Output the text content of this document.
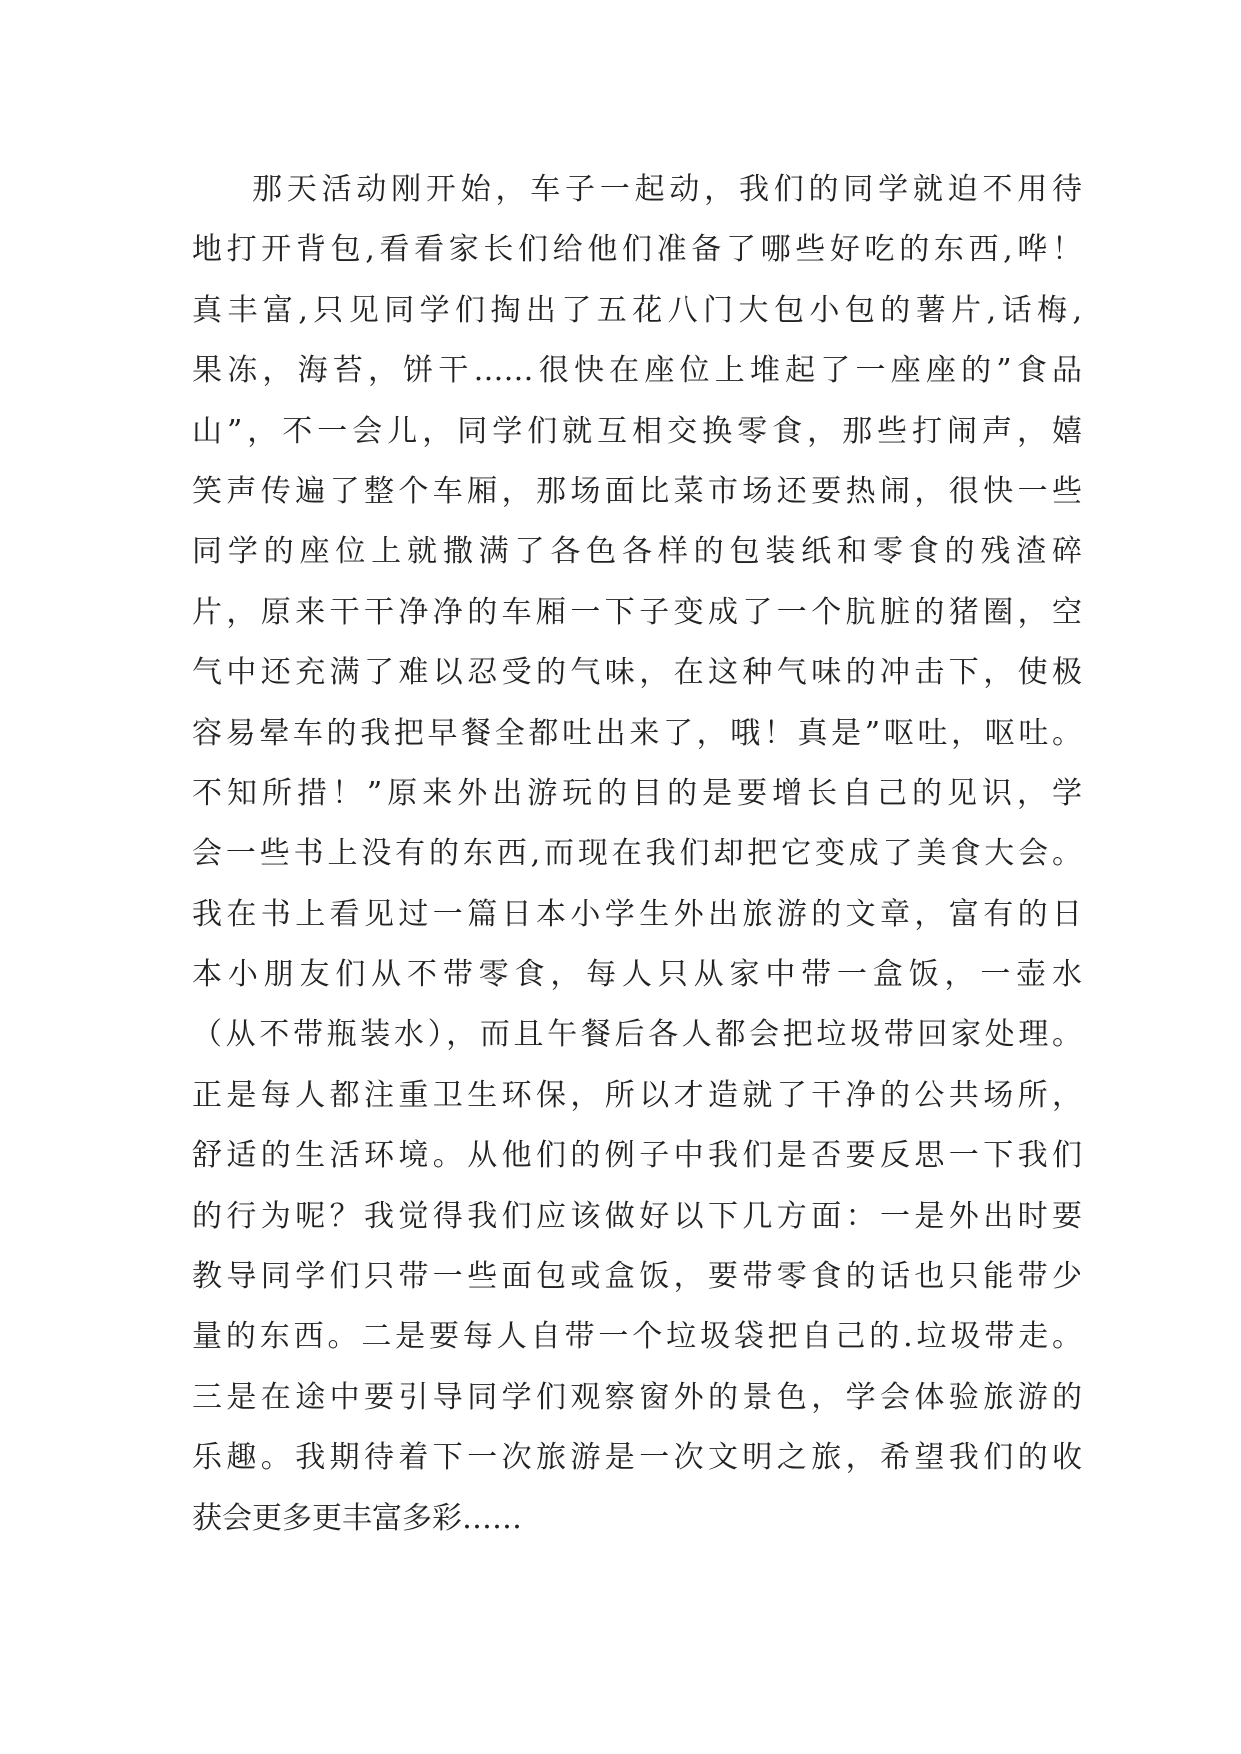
那天活动刚开始，车子一起动，我们的同学就迫不用待
地打开背包,看看家长们给他们准备了哪些好吃的东西,哗！
真丰富,只见同学们掏出了五花八门大包小包的薯片,话梅,
果冻，海苔，饼干……很快在座位上堆起了一座座的”食品
山”，不一会儿，同学们就互相交换零食，那些打闹声，嬉
笑声传遍了整个车厢，那场面比菜市场还要热闹，很快一些
同学的座位上就撒满了各色各样的包装纸和零食的残渣碎
片，原来干干净净的车厢一下子变成了一个肮脏的猪圈，空
气中还充满了难以忍受的气味，在这种气味的冲击下，使极
容易晕车的我把早餐全都吐出来了，哦！真是”呕吐，呕吐。
不知所措！”原来外出游玩的目的是要增长自己的见识，学
会一些书上没有的东西,而现在我们却把它变成了美食大会。
我在书上看见过一篇日本小学生外出旅游的文章，富有的日
本小朋友们从不带零食，每人只从家中带一盒饭，一壶水
（从不带瓶装水），而且午餐后各人都会把垃圾带回家处理。
正是每人都注重卫生环保，所以才造就了干净的公共场所，
舒适的生活环境。从他们的例子中我们是否要反思一下我们
的行为呢？我觉得我们应该做好以下几方面：一是外出时要
教导同学们只带一些面包或盒饭，要带零食的话也只能带少
量的东西。二是要每人自带一个垃圾袋把自己的.垃圾带走。
三是在途中要引导同学们观察窗外的景色，学会体验旅游的
乐趣。我期待着下一次旅游是一次文明之旅，希望我们的收
获会更多更丰富多彩……
